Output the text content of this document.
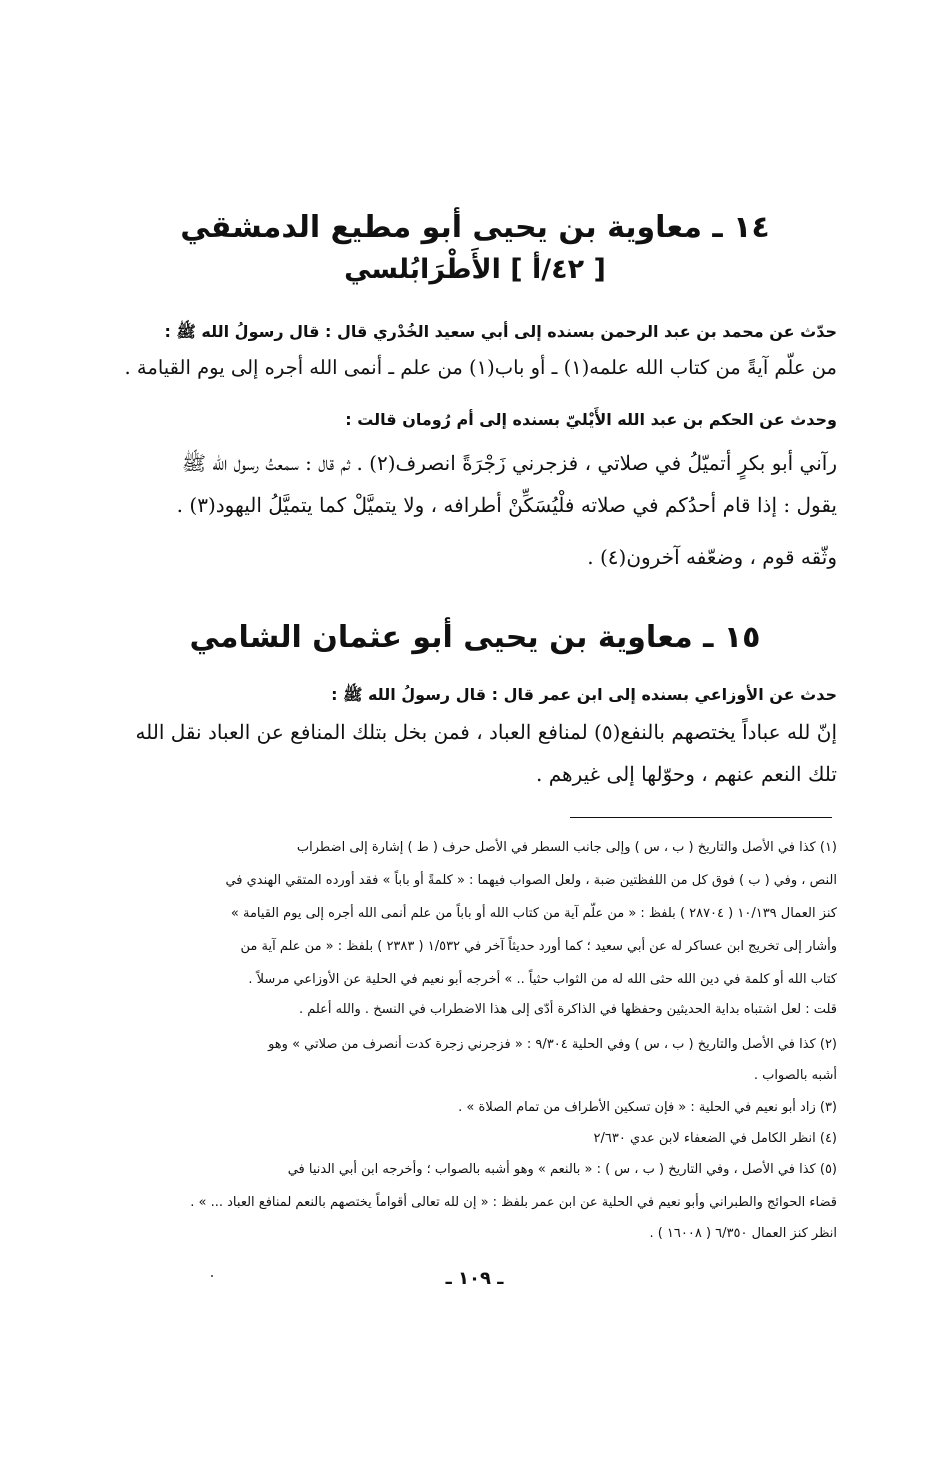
١٤ ـ معاوية بن يحيى أبو مطيع الدمشقي
[ ٤٢/أ ] الأَطْرَابُلسي
حدّث عن محمد بن عبد الرحمن بسنده إلى أبي سعيد الخُدْري قال : قال رسولُ الله ﷺ :
من علّم آيةً من كتاب الله علمه(١) ـ أو باب(١) من علم ـ أنمى الله أجره إلى يوم القيامة .
وحدث عن الحكم بن عبد الله الأَيْليّ بسنده إلى أم رُومان قالت :
رآني أبو بكرٍ أتميّلُ في صلاتي ، فزجرني زَجْرَةً انصرف(٢) . ثم قال : سمعتُ رسول الله ﷺ
يقول : إذا قام أحدُكم في صلاته فلْيُسَكِّنْ أطرافه ، ولا يتميَّلْ كما يتميَّلُ اليهود(٣) .
وثّقه قوم ، وضعّفه آخرون(٤) .
١٥ ـ معاوية بن يحيى أبو عثمان الشامي
حدث عن الأوزاعي بسنده إلى ابن عمر قال : قال رسولُ الله ﷺ :
إنّ لله عباداً يختصهم بالنفع(٥) لمنافع العباد ، فمن بخل بتلك المنافع عن العباد نقل الله
تلك النعم عنهم ، وحوّلها إلى غيرهم .
(١) كذا في الأصل والتاريخ ( ب ، س ) وإلى جانب السطر في الأصل حرف ( ط ) إشارة إلى اضطراب
النص ، وفي ( ب ) فوق كل من اللفظتين ضبة ، ولعل الصواب فيهما : « كلمةً أو باباً » فقد أورده المتقي الهندي في
كنز العمال ١٠/١٣٩ ( ٢٨٧٠٤ ) بلفظ : « من علّم آية من كتاب الله أو باباً من علم أنمى الله أجره إلى يوم القيامة »
وأشار إلى تخريج ابن عساكر له عن أبي سعيد ؛ كما أورد حديثاً آخر في ١/٥٣٢ ( ٢٣٨٣ ) بلفظ : « من علم آية من
كتاب الله أو كلمة في دين الله حثى الله له من الثواب حثياً .. » أخرجه أبو نعيم في الحلية عن الأوزاعي مرسلاً .
قلت : لعل اشتباه بداية الحديثين وحفظها في الذاكرة أدّى إلى هذا الاضطراب في النسخ . والله أعلم .
(٢) كذا في الأصل والتاريخ ( ب ، س ) وفي الحلية ٩/٣٠٤ : « فزجرني زجرة كدت أنصرف من صلاتي » وهو
أشبه بالصواب .
(٣) زاد أبو نعيم في الحلية : « فإن تسكين الأطراف من تمام الصلاة » .
(٤) انظر الكامل في الضعفاء لابن عدي ٢/٦٣٠
(٥) كذا في الأصل ، وفي التاريخ ( ب ، س ) : « بالنعم » وهو أشبه بالصواب ؛ وأخرجه ابن أبي الدنيا في
قضاء الحوائج والطبراني وأبو نعيم في الحلية عن ابن عمر بلفظ : « إن لله تعالى أقواماً يختصهم بالنعم لمنافع العباد ... » .
انظر كنز العمال ٦/٣٥٠ ( ١٦٠٠٨ ) .
ـ ١٠٩ ـ
